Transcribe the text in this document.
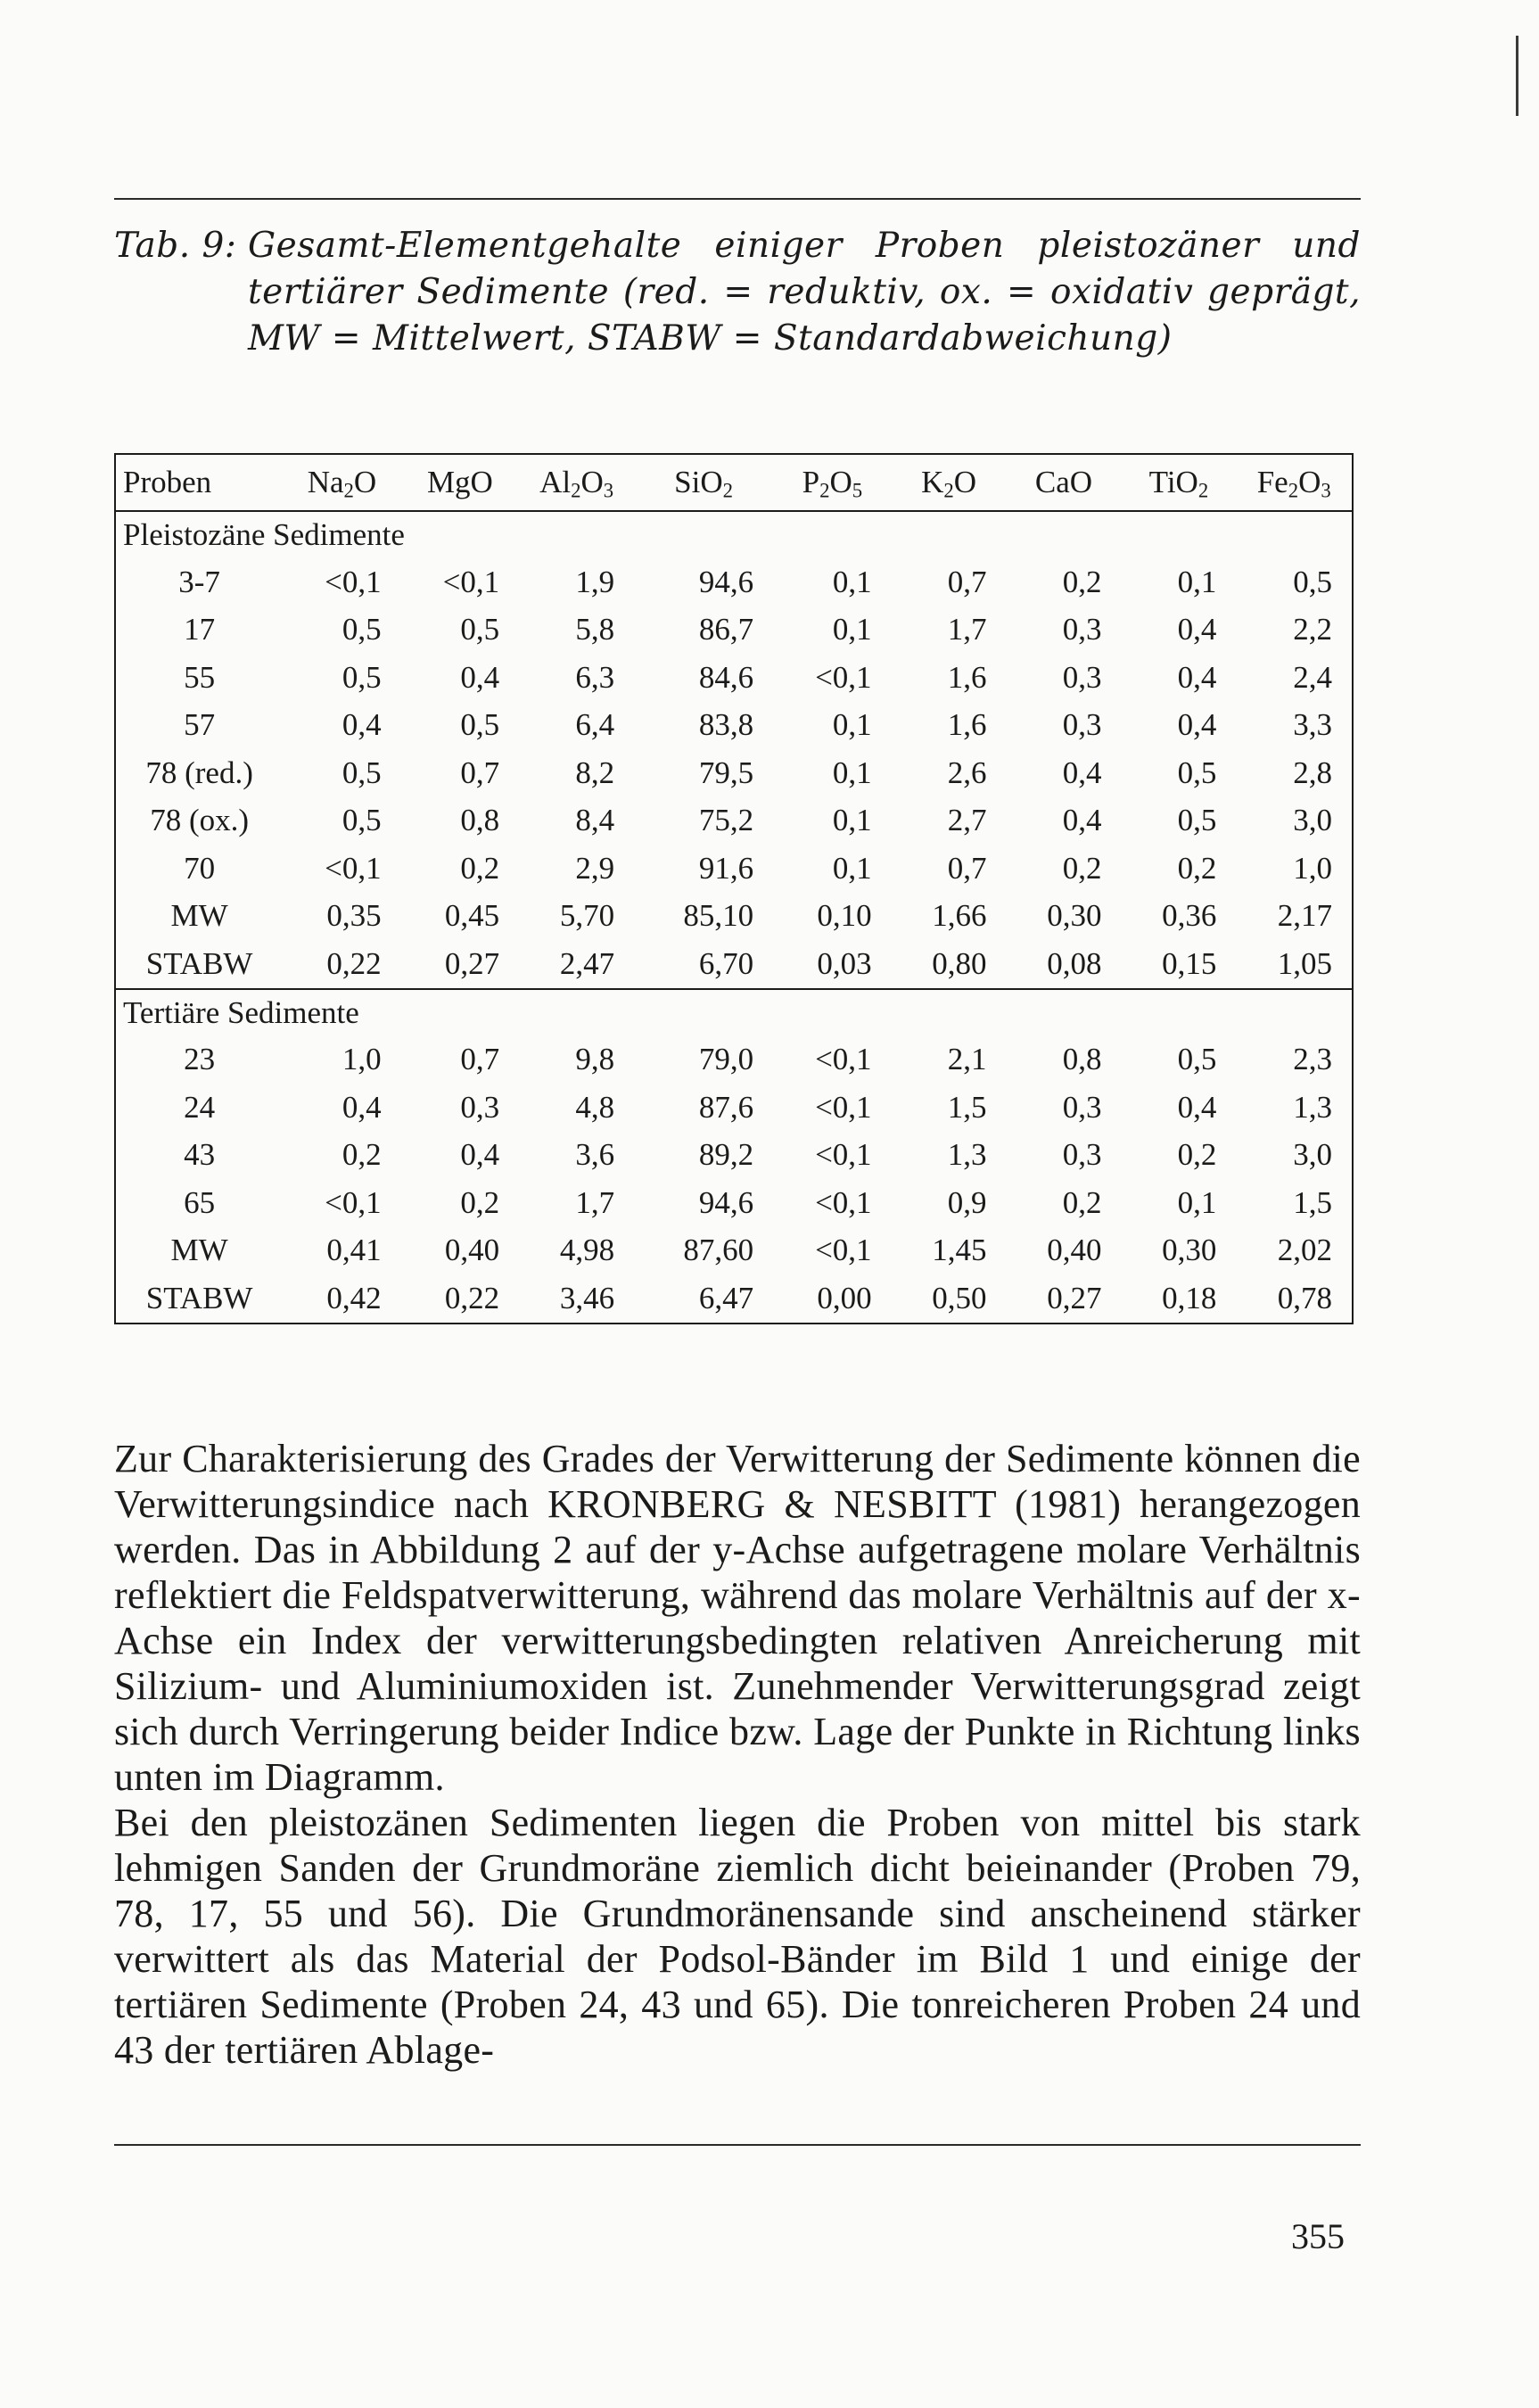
Tab. 9: Gesamt-Elementgehalte einiger Proben pleistozäner und tertiärer Sedimente (red. = reduktiv, ox. = oxidativ geprägt, MW = Mittelwert, STABW = Standardabweichung)
Proben	$Na_2O$	MgO	$Al_2O_3$	SiO$_2$	$P_2O_5$	$K_2O$	CaO	TiO$_2$	$Fe_2O_3$
Pleistozäne Sedimente									
3-7	<0,1	<0,1	1,9	94,6	0,1	0,7	0,2	0,1	0,5
17	0,5	0,5	5,8	86,7	0,1	1,7	0,3	0,4	2,2
55	0,5	0,4	6,3	84,6	<0,1	1,6	0,3	0,4	2,4
57	0,4	0,5	6,4	83,8	0,1	1,6	0,3	0,4	3,3
78 (red.)	0,5	0,7	8,2	79,5	0,1	2,6	0,4	0,5	2,8
78 (ox.)	0,5	0,8	8,4	75,2	0,1	2,7	0,4	0,5	3,0
70	<0,1	0,2	2,9	91,6	0,1	0,7	0,2	0,2	1,0
MW	0,35	0,45	5,70	85,10	0,10	1,66	0,30	0,36	2,17
STABW	0,22	0,27	2,47	6,70	0,03	0,80	0,08	0,15	1,05
Tertiäre Sedimente									
23	1,0	0,7	9,8	79,0	<0,1	2,1	0,8	0,5	2,3
24	0,4	0,3	4,8	87,6	<0,1	1,5	0,3	0,4	1,3
43	0,2	0,4	3,6	89,2	<0,1	1,3	0,3	0,2	3,0
65	<0,1	0,2	1,7	94,6	<0,1	0,9	0,2	0,1	1,5
MW	0,41	0,40	4,98	87,60	<0,1	1,45	0,40	0,30	2,02
STABW	0,42	0,22	3,46	6,47	0,00	0,50	0,27	0,18	0,78

Zur Charakterisierung des Grades der Verwitterung der Sedimente können die Verwitterungsindice nach KRONBERG & NESBITT (1981) herangezogen werden. Das in Abbildung 2 auf der y-Achse aufgetragene molare Verhältnis reflektiert die Feldspatverwitterung, während das molare Verhältnis auf der x-Achse ein Index der verwitterungsbedingten relativen Anreicherung mit Silizium- und Aluminiumoxiden ist. Zunehmender Verwitterungsgrad zeigt sich durch Verringerung beider Indice bzw. Lage der Punkte in Richtung links unten im Diagramm.

Bei den pleistozänen Sedimenten liegen die Proben von mittel bis stark lehmigen Sanden der Grundmoräne ziemlich dicht beieinander (Proben 79, 78, 17, 55 und 56). Die Grundmoränensande sind anscheinend stärker verwittert als das Material der Podsol-Bänder im Bild 1 und einige der tertiären Sedimente (Proben 24, 43 und 65). Die tonreicheren Proben 24 und 43 der tertiären Ablage-

355
